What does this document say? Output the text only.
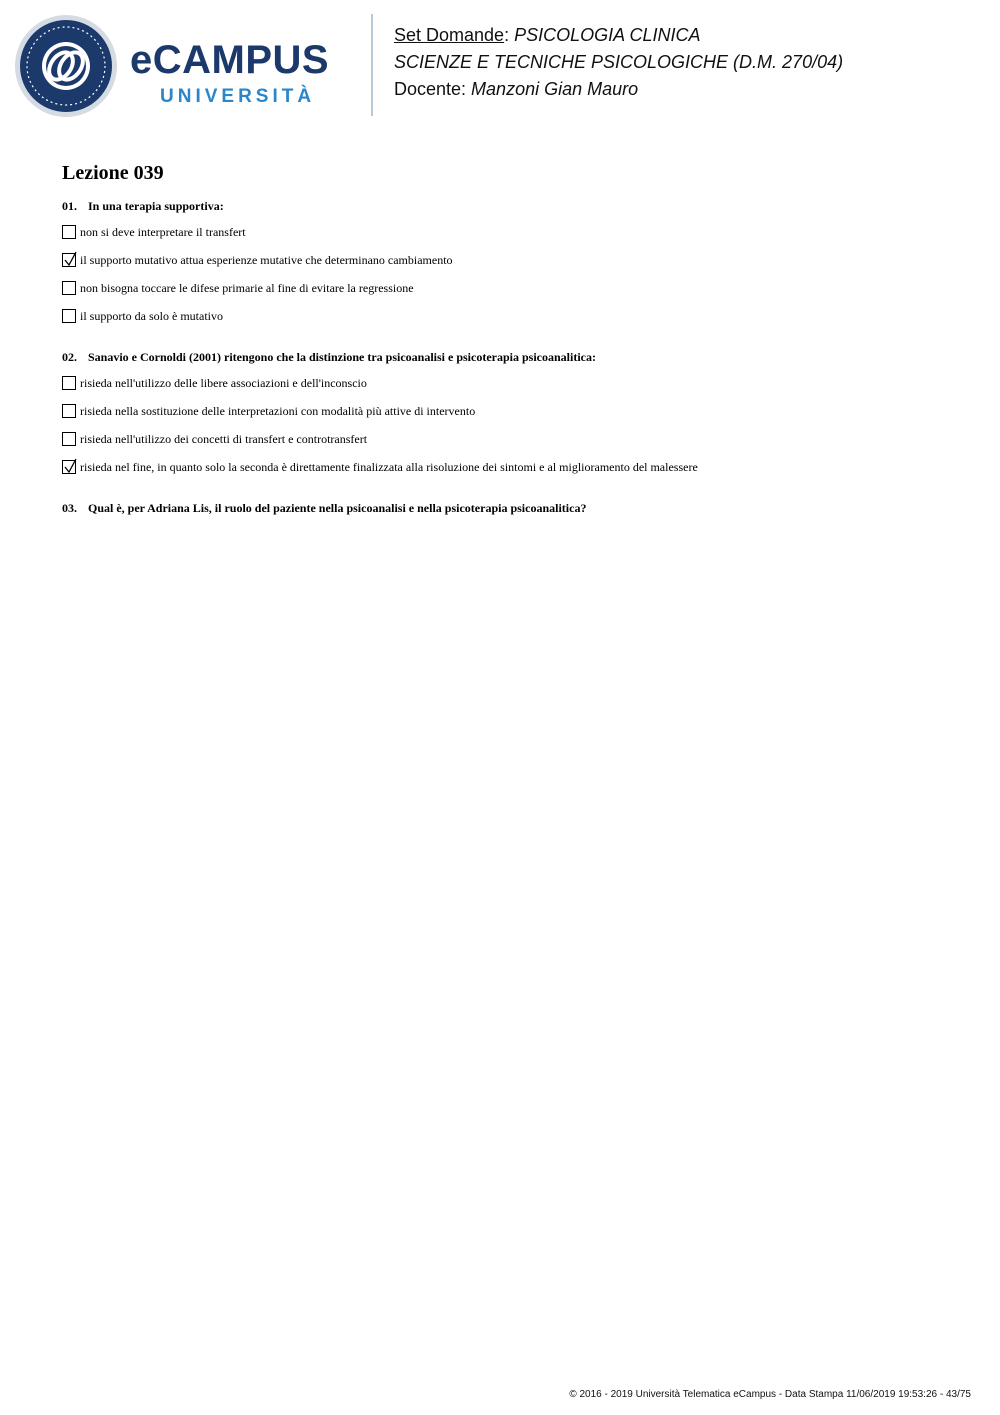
eCAMPUS
UNIVERSITÀ
Set Domande: PSICOLOGIA CLINICA
SCIENZE E TECNICHE PSICOLOGICHE (D.M. 270/04)
Docente: Manzoni Gian Mauro
Lezione 039
01. In una terapia supportiva:
non si deve interpretare il transfert
il supporto mutativo attua esperienze mutative che determinano cambiamento
non bisogna toccare le difese primarie al fine di evitare la regressione
il supporto da solo è mutativo
02. Sanavio e Cornoldi (2001) ritengono che la distinzione tra psicoanalisi e psicoterapia psicoanalitica:
risieda nell'utilizzo delle libere associazioni e dell'inconscio
risieda nella sostituzione delle interpretazioni con modalità più attive di intervento
risieda nell'utilizzo dei concetti di transfert e controtransfert
risieda nel fine, in quanto solo la seconda è direttamente finalizzata alla risoluzione dei sintomi e al miglioramento del malessere
03. Qual è, per Adriana Lis, il ruolo del paziente nella psicoanalisi e nella psicoterapia psicoanalitica?
© 2016 - 2019 Università Telematica eCampus - Data Stampa 11/06/2019 19:53:26 - 43/75
